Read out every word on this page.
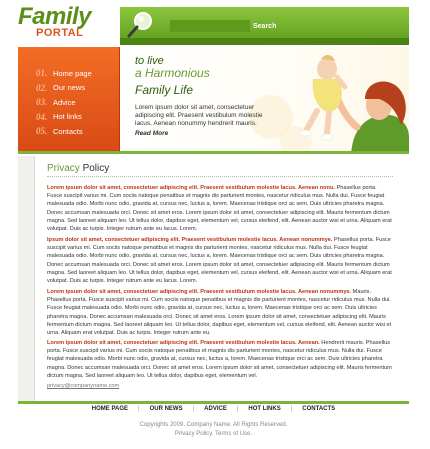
Family
PORTAL
Search
01. Home page
02. Our news
03. Advice
04. Hot links
05. Contacts
to live
a Harmonious
Family Life
Lorem ipsum dolor sit amet, consectetuer adipiscing elit. Praesent vestibulum molestie lacus. Aenean nonummy hendrerit mauris.
Read More
Privacy Policy

Lorem ipsum dolor sit amet, consectetuer adipiscing elit. Praesent vestibulum molestie lacus. Aenean nonu. Phasellus porta. Fusce suscipit varius mi. Cum sociis natoque penatibus et magnis dis parturient montes, nascetur ridiculus mus. Nulla dui. Fusce feugiat malesuada odio. Morbi nunc odio, gravida at, cursus nec, luctus a, lorem. Maecenas tristique orci ac sem. Duis ultricies pharetra magna. Donec accumsan malesuada orci. Donec sit amet eros. Lorem ipsum dolor sit amet, consectetuer adipiscing elit. Mauris fermentum dictum magna. Sed laoreet aliquam leo. Ut tellus dolor, dapibus eget, elementum vel, cursus eleifend, elit. Aenean auctor wisi et urna. Aliquam erat volutpat. Duis ac turpis. Integer rutrum ante eu lacus. Lorem.

Ipsum dolor sit amet, consectetuer adipiscing elit. Praesent vestibulum molestie lacus. Aenean nonummye. Phasellus porta. Fusce suscipit varius mi. Cum sociis natoque penatibus et magnis dis parturient montes, nascetur ridiculus mus. Nulla dui. Fusce feugiat malesuada odio. Morbi nunc odio, gravida at, cursus nec, luctus a, lorem. Maecenas tristique orci ac sem. Duis ultricies pharetra magna. Donec accumsan malesuada orci. Donec sit amet eros. Lorem ipsum dolor sit amet, consectetuer adipiscing elit. Mauris fermentum dictum magna. Sed laoreet aliquam leo. Ut tellus dolor, dapibus eget, elementum vel, cursus eleifend, elit. Aenean auctor wisi et urna. Aliquam erat volutpat. Duis ac turpis. Integer rutrum ante eu lacus. Lorem.

Lorem ipsum dolor sit amet, consectetuer adipiscing elit. Praesent vestibulum molestie lacus. Aenean nonummye. Mauris. Phasellus porta. Fusce suscipit varius mi. Cum sociis natoque penatibus et magnis dis parturient montes, nascetur ridiculus mus. Nulla dui. Fusce feugiat malesuada odio. Morbi nunc odio, gravida at, cursus nec, luctus a, lorem. Maecenas tristique orci ac sem. Duis ultricies pharetra magna. Donec accumsan malesuada orci. Donec sit amet eros. Lorem ipsum dolor sit amet, consectetuer adipiscing elit. Mauris fermentum dictum magna. Sed laoreet aliquam leo. Ut tellus dolor, dapibus eget, elementum vel, cursus eleifend, elit. Aenean auctor wisi et urna. Aliquam erat volutpat. Duis ac turpis. Integer rutrum ante eu.

Lorem ipsum dolor sit amet, consectetuer adipiscing elit. Praesent vestibulum molestie lacus. Aenean. Hendrerit mauris. Phasellus porta. Fusce suscipit varius mi. Cum sociis natoque penatibus et magnis dis parturient montes, nascetur ridiculus mus. Nulla dui. Fusce feugiat malesuada odio. Morbi nunc odio, gravida at, cursus nec, luctus a, lorem. Maecenas tristique orci ac sem. Duis ultricies pharetra magna. Donec accumsan malesuada orci. Donec sit amet eros. Lorem ipsum dolor sit amet, consectetuer adipiscing elit. Mauris fermentum dictum magna. Sed laoreet aliquam leo. Ut tellus dolor, dapibus eget, elementum vel.

privacy@companyname.com
HOME PAGE	|	OUR NEWS	|	ADVICE	|	HOT LINKS	|	CONTACTS
Copyrights 2009. Company Name. All Rights Reserved.
Privacy Policy. Terms of Use.
